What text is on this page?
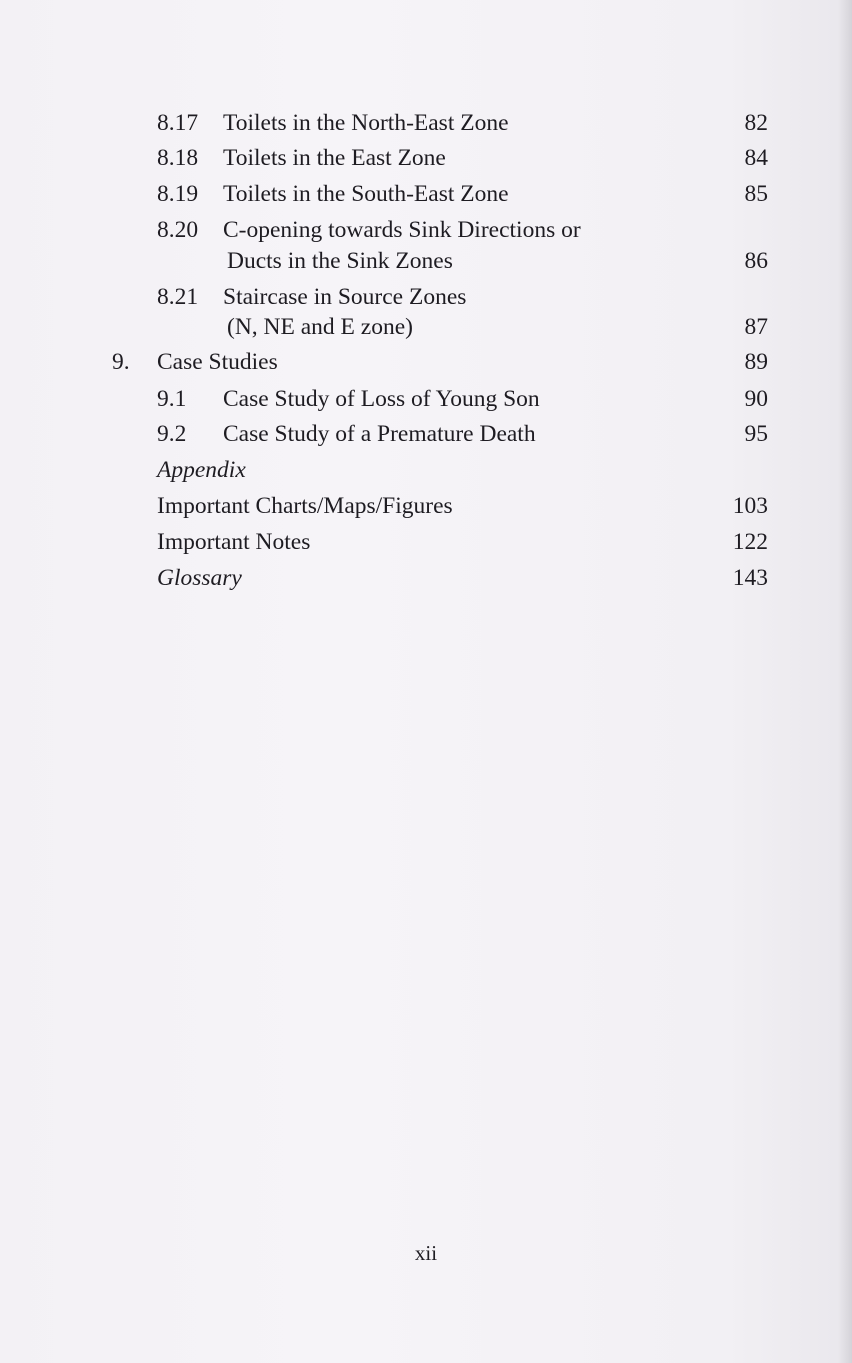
8.17 Toilets in the North-East Zone	82
8.18 Toilets in the East Zone	84
8.19 Toilets in the South-East Zone	85
8.20 C-opening towards Sink Directions or
Ducts in the Sink Zones	86
8.21 Staircase in Source Zones
(N, NE and E zone)	87
9. Case Studies	89
9.1 Case Study of Loss of Young Son	90
9.2 Case Study of a Premature Death	95
Appendix
Important Charts/Maps/Figures	103
Important Notes	122
Glossary	143
xii
